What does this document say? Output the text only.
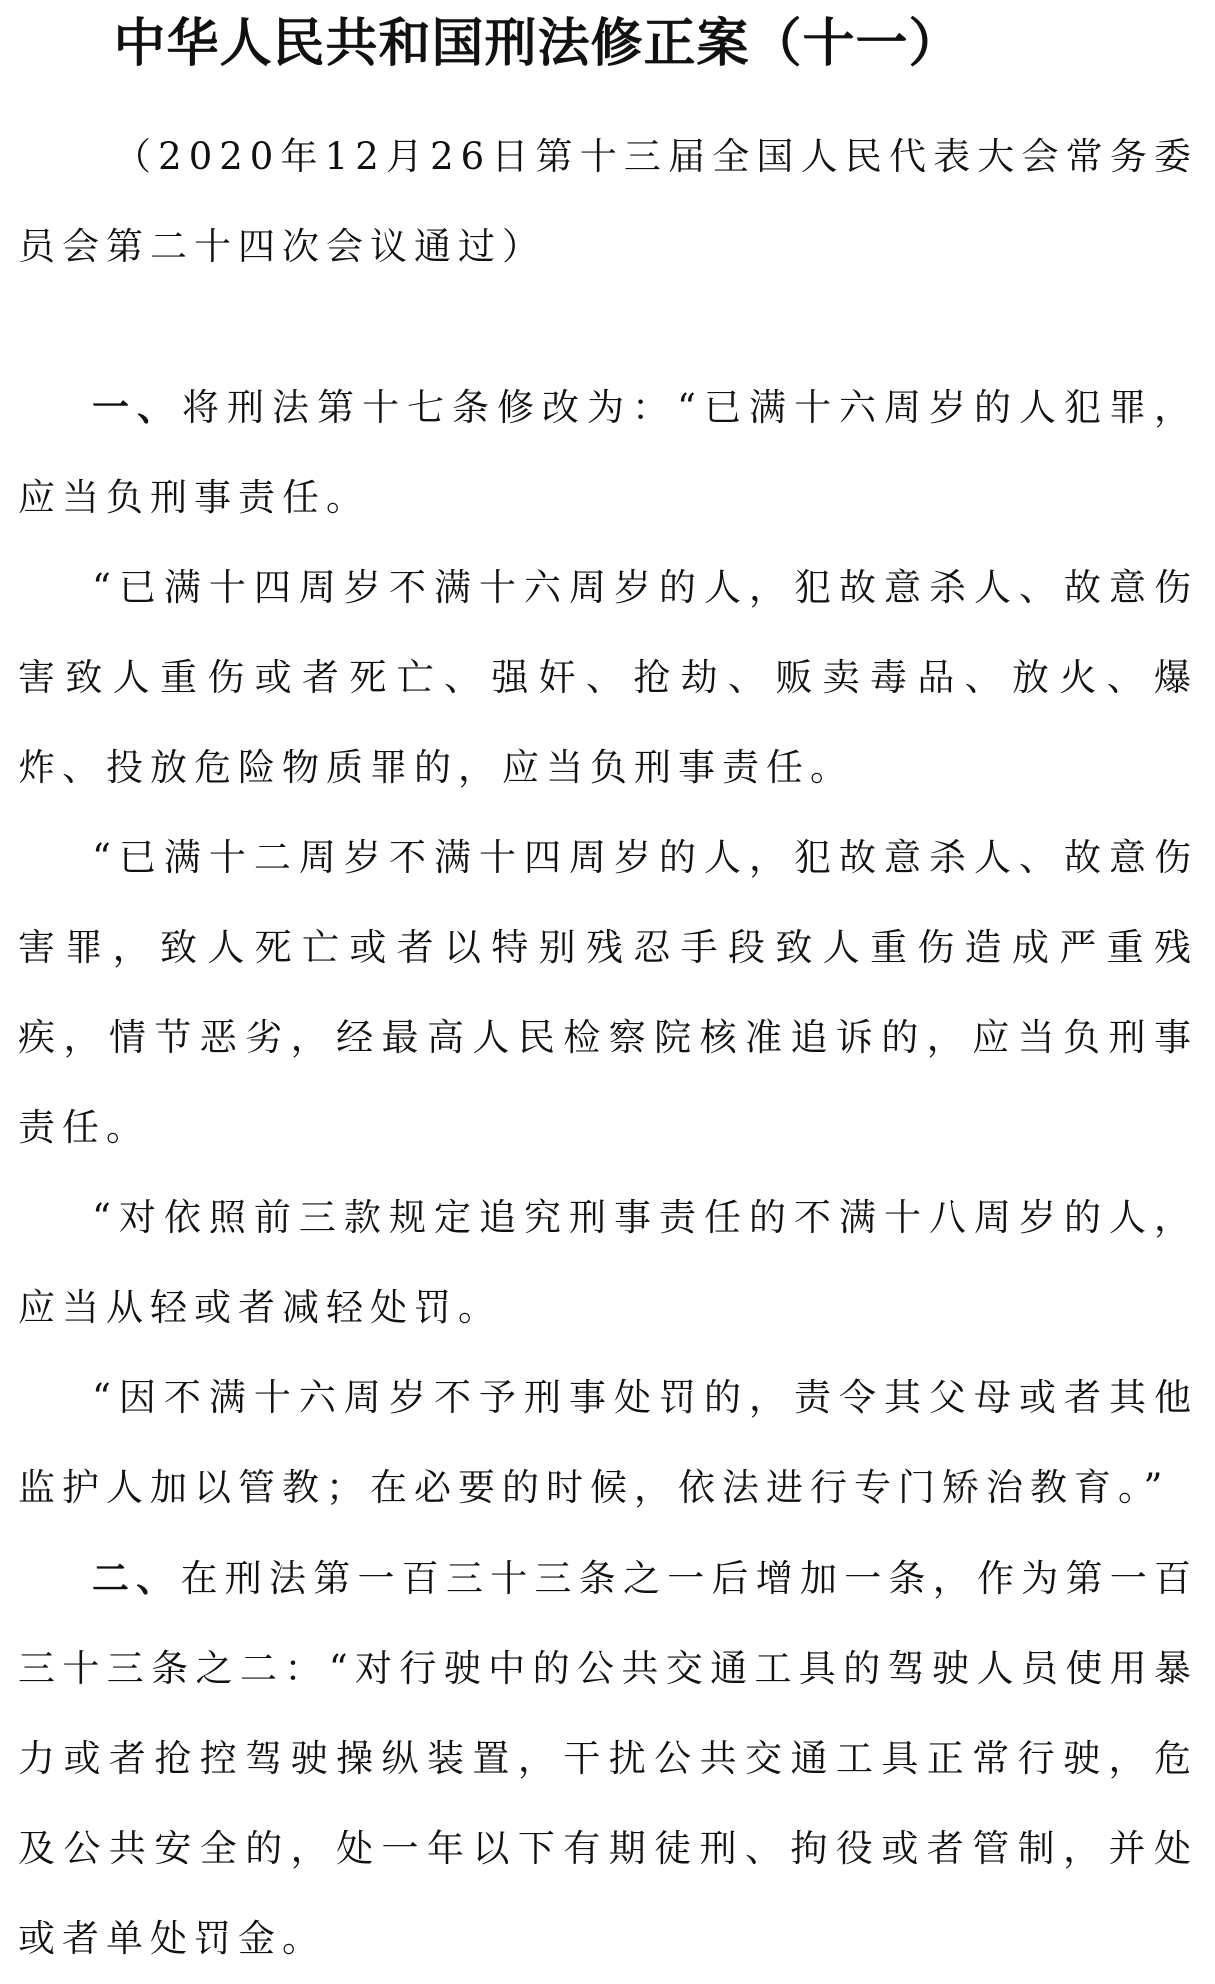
中华人民共和国刑法修正案（十一）

（2020年12月26日第十三届全国人民代表大会常务委员会第二十四次会议通过）

一、将刑法第十七条修改为：“已满十六周岁的人犯罪，应当负刑事责任。

“已满十四周岁不满十六周岁的人，犯故意杀人、故意伤害致人重伤或者死亡、强奸、抢劫、贩卖毒品、放火、爆炸、投放危险物质罪的，应当负刑事责任。

“已满十二周岁不满十四周岁的人，犯故意杀人、故意伤害罪，致人死亡或者以特别残忍手段致人重伤造成严重残疾，情节恶劣，经最高人民检察院核准追诉的，应当负刑事责任。

“对依照前三款规定追究刑事责任的不满十八周岁的人，应当从轻或者减轻处罚。

“因不满十六周岁不予刑事处罚的，责令其父母或者其他监护人加以管教；在必要的时候，依法进行专门矫治教育。”

二、在刑法第一百三十三条之一后增加一条，作为第一百三十三条之二：“对行驶中的公共交通工具的驾驶人员使用暴力或者抢控驾驶操纵装置，干扰公共交通工具正常行驶，危及公共安全的，处一年以下有期徒刑、拘役或者管制，并处或者单处罚金。
